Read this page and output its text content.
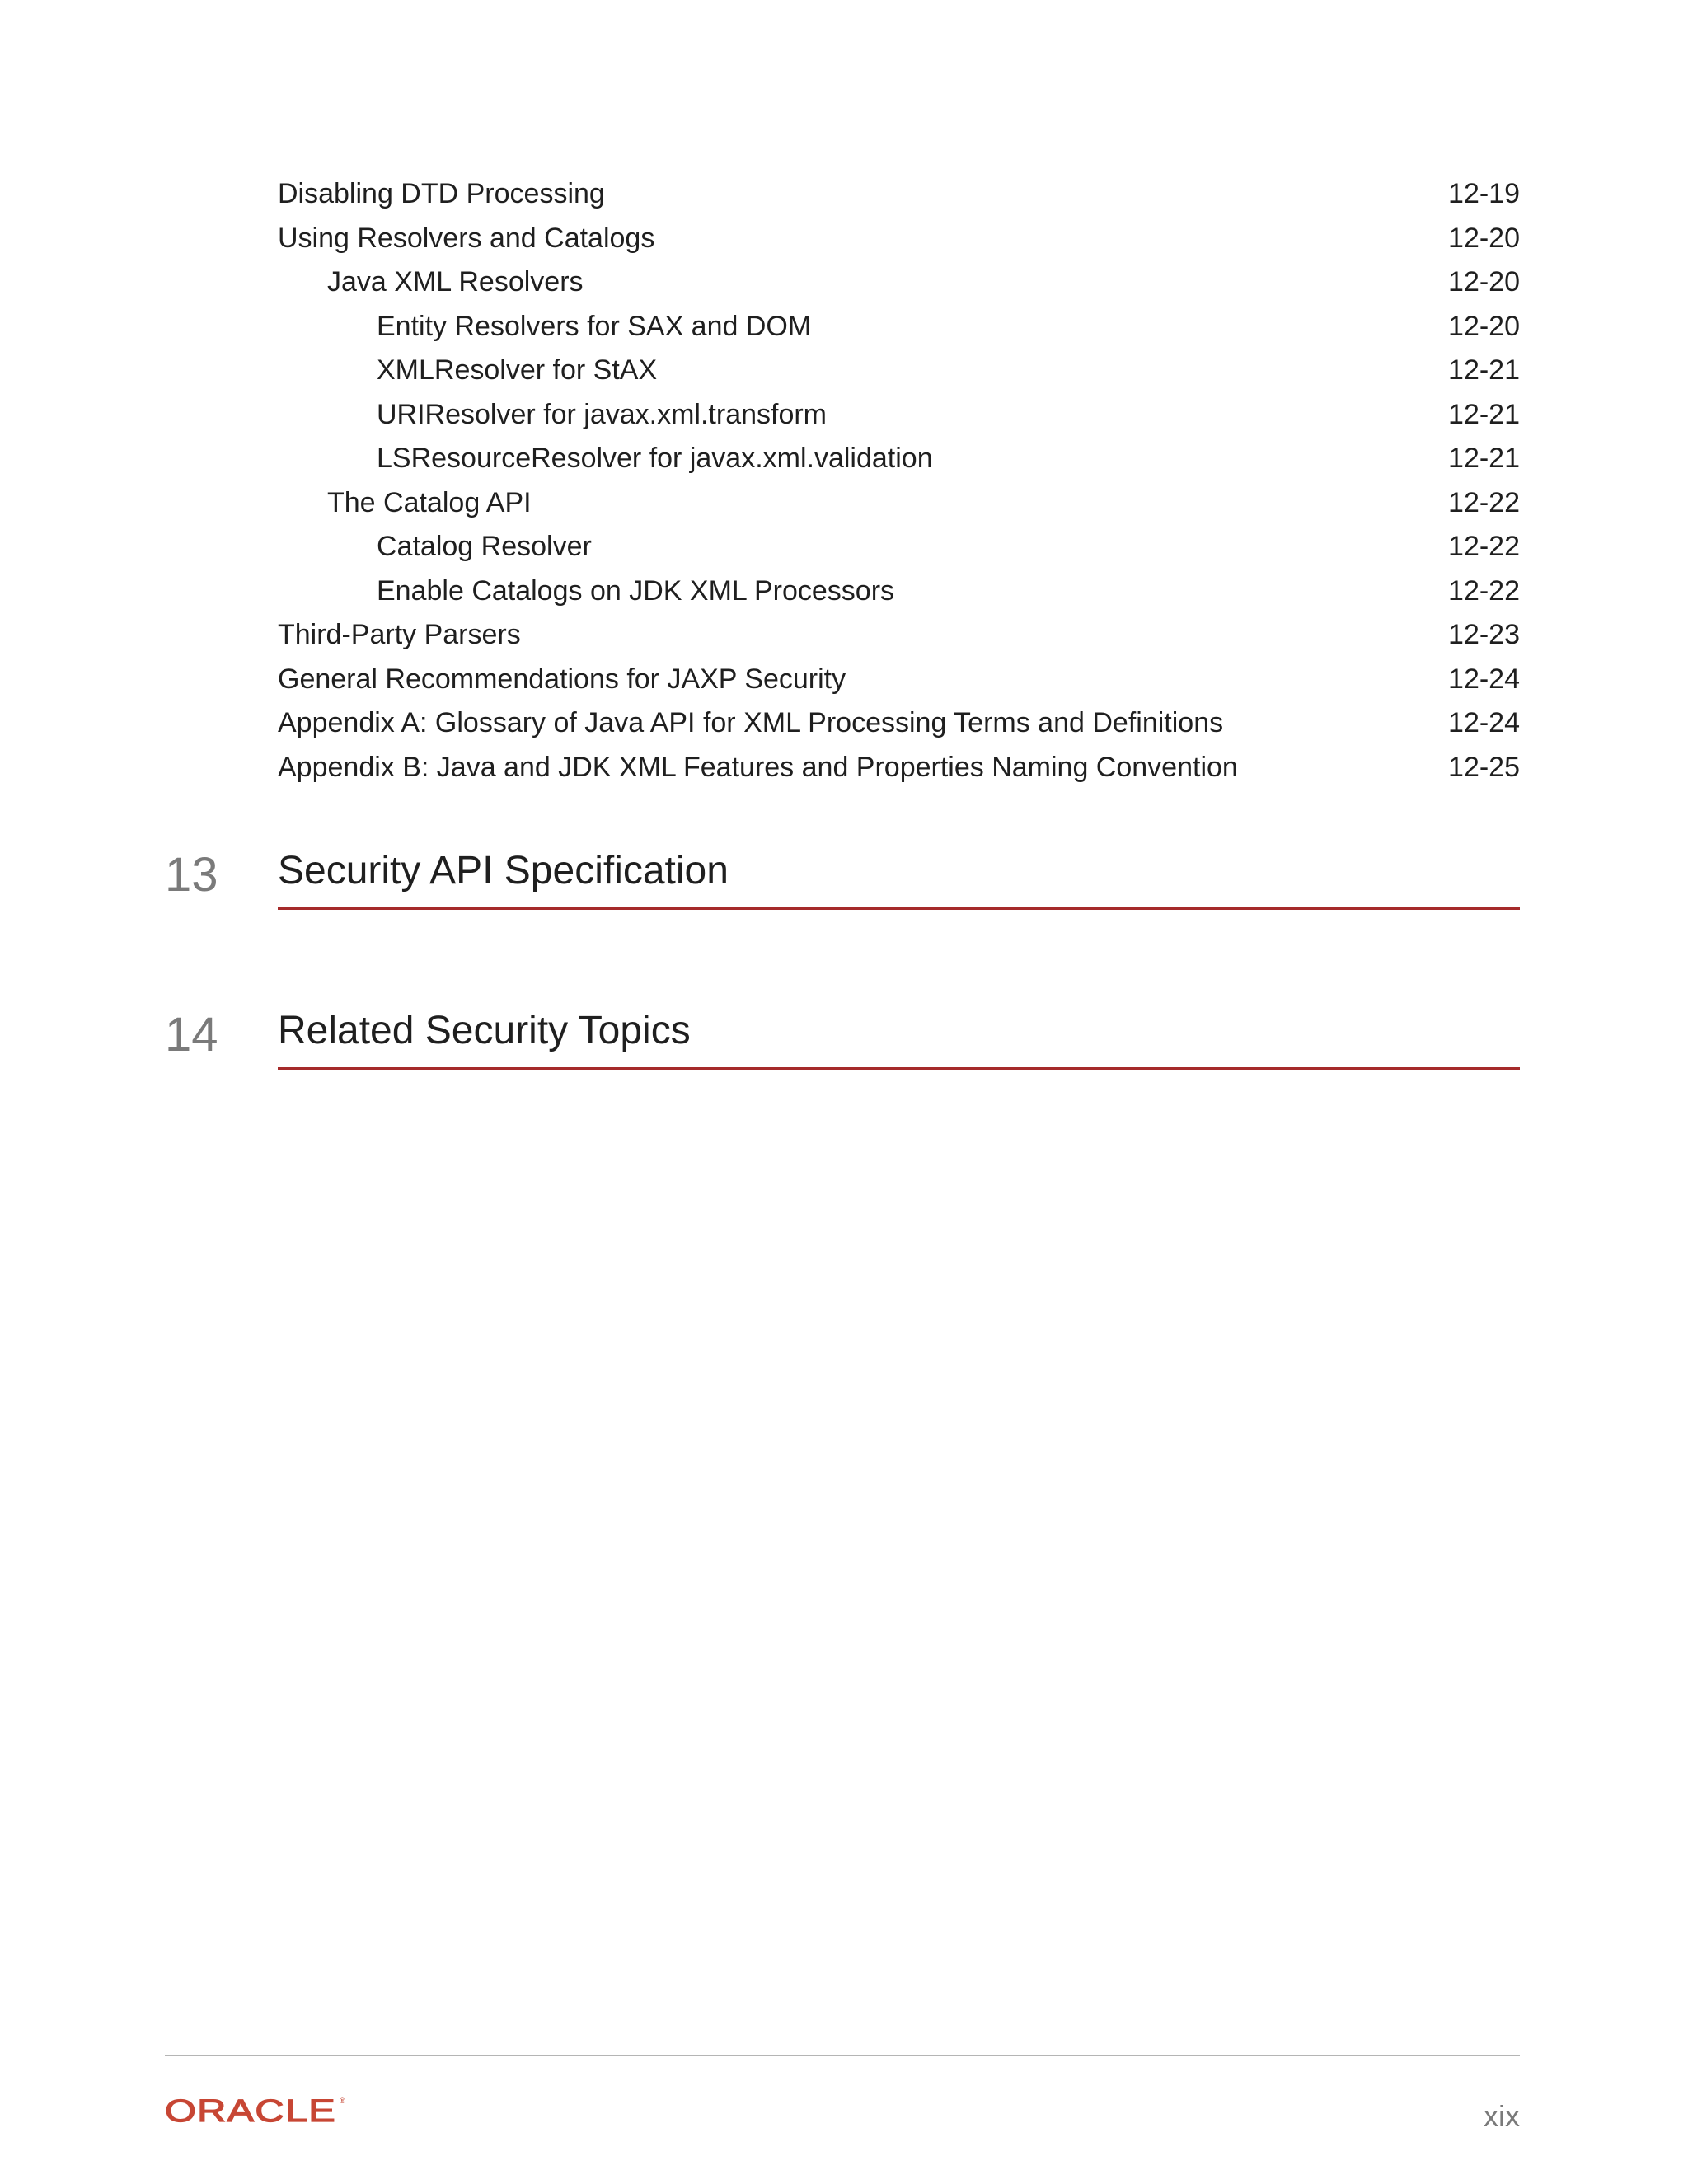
Disabling DTD Processing	12-19
Using Resolvers and Catalogs	12-20
Java XML Resolvers	12-20
Entity Resolvers for SAX and DOM	12-20
XMLResolver for StAX	12-21
URIResolver for javax.xml.transform	12-21
LSResourceResolver for javax.xml.validation	12-21
The Catalog API	12-22
Catalog Resolver	12-22
Enable Catalogs on JDK XML Processors	12-22
Third-Party Parsers	12-23
General Recommendations for JAXP Security	12-24
Appendix A: Glossary of Java API for XML Processing Terms and Definitions	12-24
Appendix B: Java and JDK XML Features and Properties Naming Convention	12-25
13 Security API Specification
14 Related Security Topics
ORACLE ®	xix
